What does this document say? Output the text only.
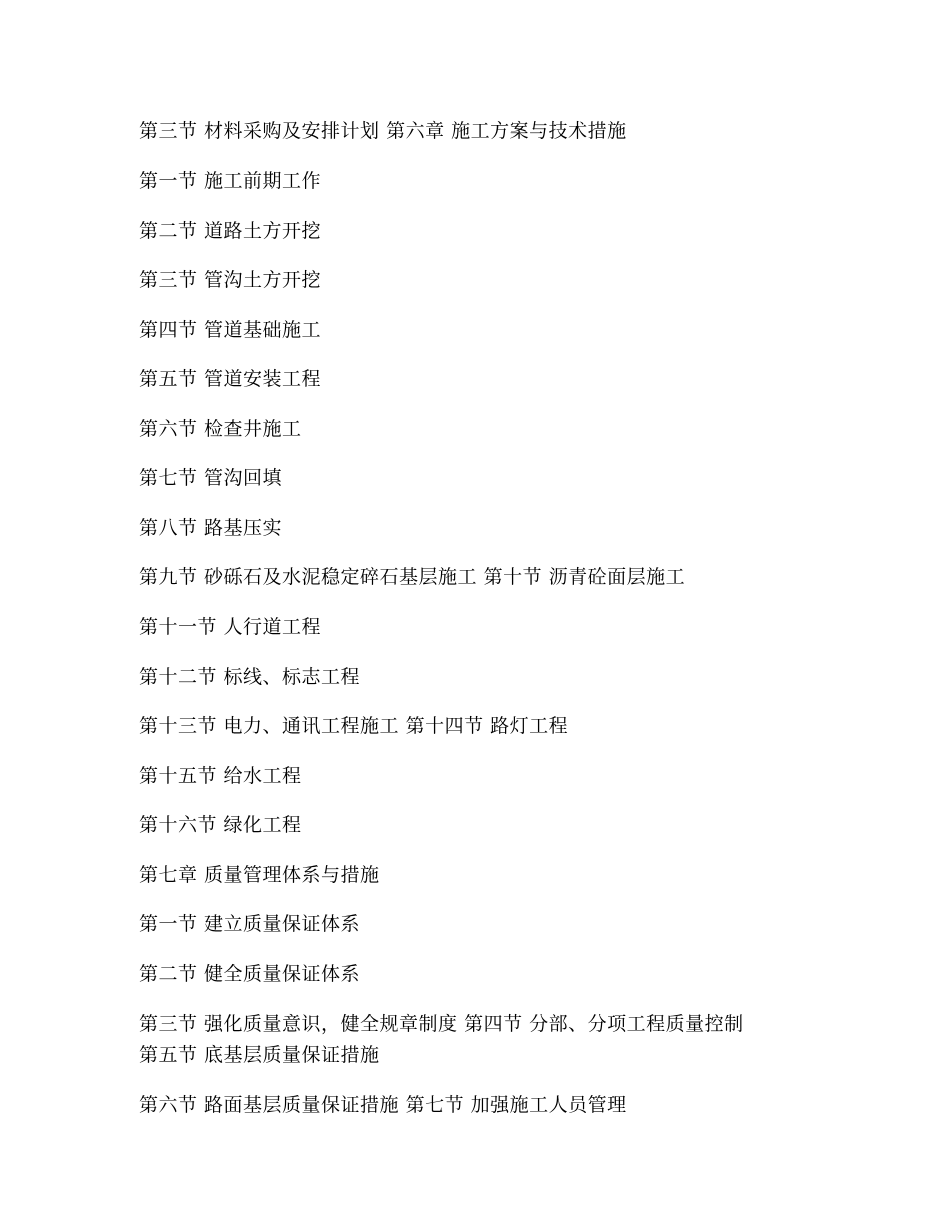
第三节 材料采购及安排计划 第六章 施工方案与技术措施
第一节 施工前期工作
第二节 道路土方开挖
第三节 管沟土方开挖
第四节 管道基础施工
第五节 管道安装工程
第六节 检查井施工
第七节 管沟回填
第八节 路基压实
第九节 砂砾石及水泥稳定碎石基层施工 第十节 沥青砼面层施工
第十一节 人行道工程
第十二节 标线、标志工程
第十三节 电力、通讯工程施工 第十四节 路灯工程
第十五节 给水工程
第十六节 绿化工程
第七章 质量管理体系与措施
第一节 建立质量保证体系
第二节 健全质量保证体系
第三节 强化质量意识，健全规章制度 第四节 分部、分项工程质量控制
第五节 底基层质量保证措施
第六节 路面基层质量保证措施 第七节 加强施工人员管理
